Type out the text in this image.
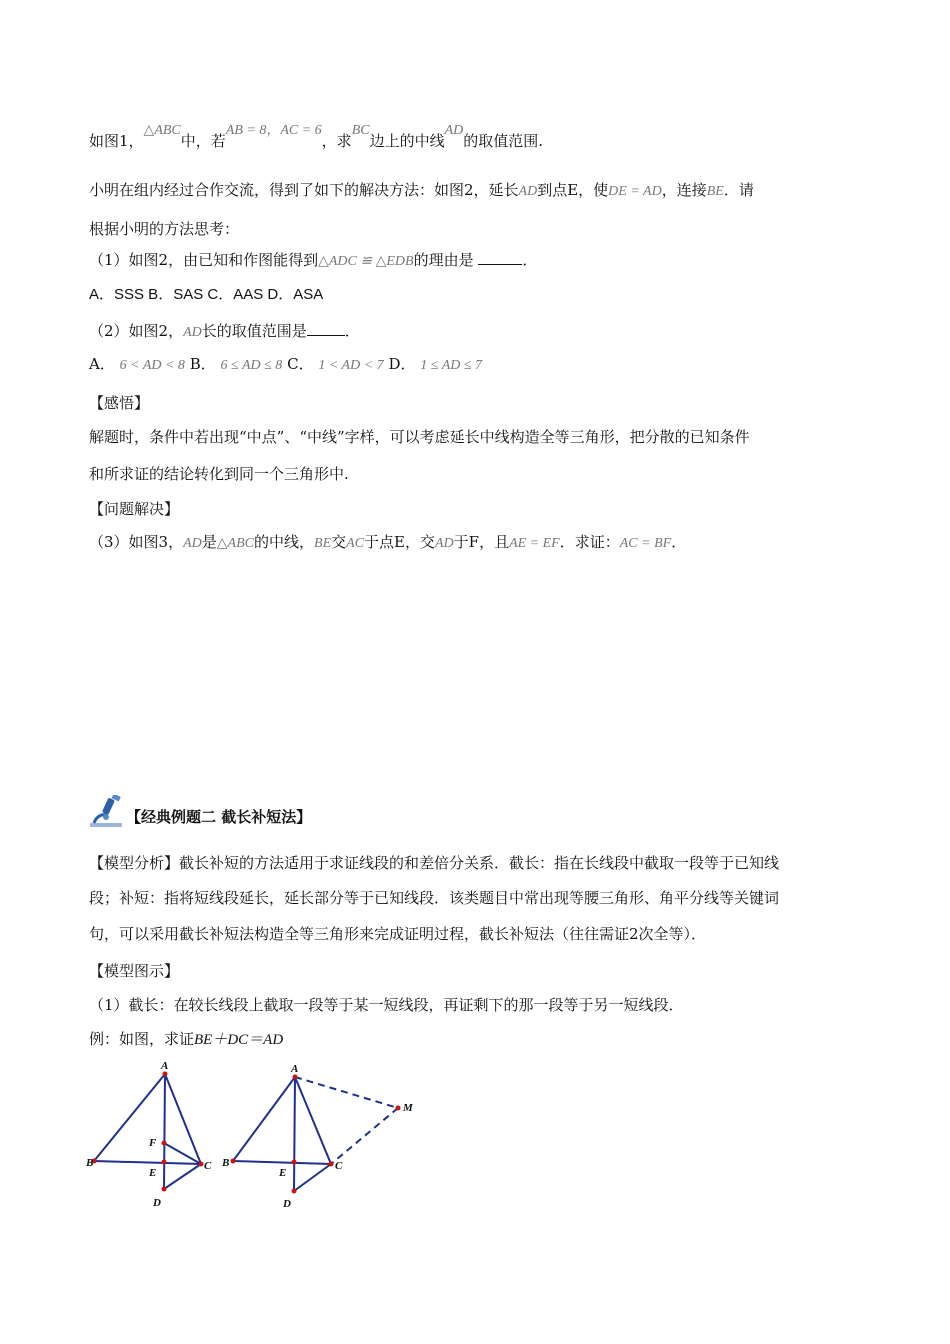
如图1，△ABC中，若AB = 8，AC = 6，求BC边上的中线AD的取值范围.
小明在组内经过合作交流，得到了如下的解决方法：如图2，延长AD到点E，使DE = AD，连接BE．请
根据小明的方法思考：
（1）如图2，由已知和作图能得到△ADC ≌ △EDB的理由是	．
A．SSS B．SAS C．AAS D．ASA
（2）如图2，AD长的取值范围是	．
A． 6 < AD < 8 B． 6 ≤ AD ≤ 8 C． 1 < AD < 7 D． 1 ≤ AD ≤ 7
【感悟】
解题时，条件中若出现“中点”、“中线”字样，可以考虑延长中线构造全等三角形，把分散的已知条件
和所求证的结论转化到同一个三角形中.
【问题解决】
（3）如图3，AD是△ABC的中线，BE交AC于点E，交AD于F，且AE = EF．求证：AC = BF．
【经典例题二 截长补短法】
【模型分析】截长补短的方法适用于求证线段的和差倍分关系．截长：指在长线段中截取一段等于已知线
段；补短：指将短线段延长，延长部分等于已知线段．该类题目中常出现等腰三角形、角平分线等关键词
句，可以采用截长补短法构造全等三角形来完成证明过程，截长补短法（往往需证2次全等）．
【模型图示】
（1）截长：在较长线段上截取一段等于某一短线段，再证剩下的那一段等于另一短线段．
例：如图，求证BE＋DC＝AD
A
B	C
D
E
F
A
B	C
D
E
M
